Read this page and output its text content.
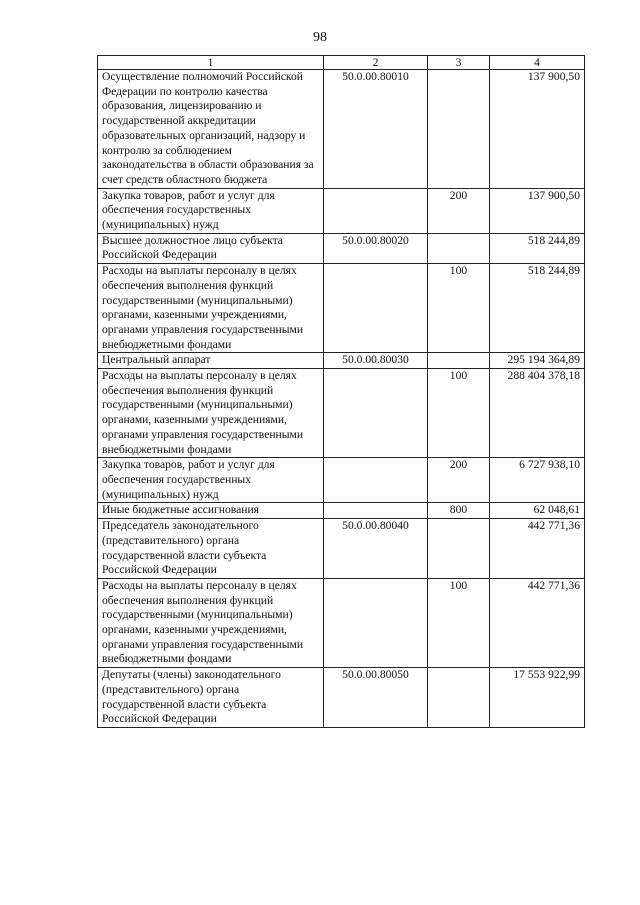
98
1	2	3	4
Осуществление полномочий Российской Федерации по контролю качества образования, лицензированию и государственной аккредитации образовательных организаций, надзору и контролю за соблюдением законодательства в области образования за счет средств областного бюджета	50.0.00.80010		137 900,50
Закупка товаров, работ и услуг для обеспечения государственных (муниципальных) нужд		200	137 900,50
Высшее должностное лицо субъекта Российской Федерации	50.0.00.80020		518 244,89
Расходы на выплаты персоналу в целях обеспечения выполнения функций государственными (муниципальными) органами, казенными учреждениями, органами управления государственными внебюджетными фондами		100	518 244,89
Центральный аппарат	50.0.00.80030		295 194 364,89
Расходы на выплаты персоналу в целях обеспечения выполнения функций государственными (муниципальными) органами, казенными учреждениями, органами управления государственными внебюджетными фондами		100	288 404 378,18
Закупка товаров, работ и услуг для обеспечения государственных (муниципальных) нужд		200	6 727 938,10
Иные бюджетные ассигнования		800	62 048,61
Председатель законодательного (представительного) органа государственной власти субъекта Российской Федерации	50.0.00.80040		442 771,36
Расходы на выплаты персоналу в целях обеспечения выполнения функций государственными (муниципальными) органами, казенными учреждениями, органами управления государственными внебюджетными фондами		100	442 771,36
Депутаты (члены) законодательного (представительного) органа государственной власти субъекта Российской Федерации	50.0.00.80050		17 553 922,99
